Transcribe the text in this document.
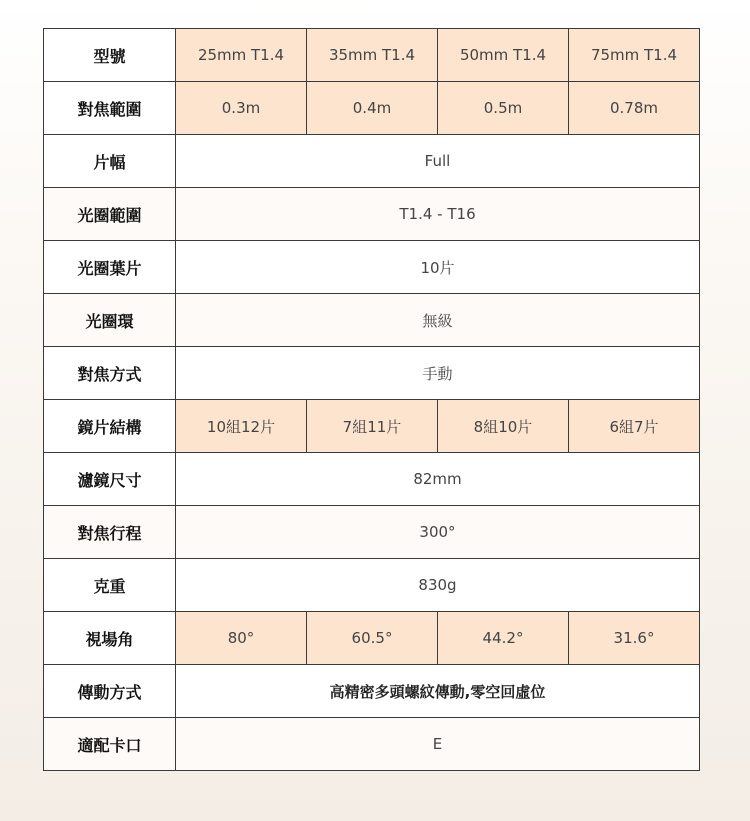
型號	25mm T1.4	35mm T1.4	50mm T1.4	75mm T1.4
對焦範圍	0.3m	0.4m	0.5m	0.78m
片幅	Full			
光圈範圍	T1.4 - T16			
光圈葉片	10片			
光圈環	無級			
對焦方式	手動			
鏡片結構	10組12片	7組11片	8組10片	6組7片
濾鏡尺寸	82mm			
對焦行程	300°			
克重	830g			
視場角	80°	60.5°	44.2°	31.6°
傳動方式	高精密多頭螺紋傳動,零空回虛位			
適配卡口	E			
